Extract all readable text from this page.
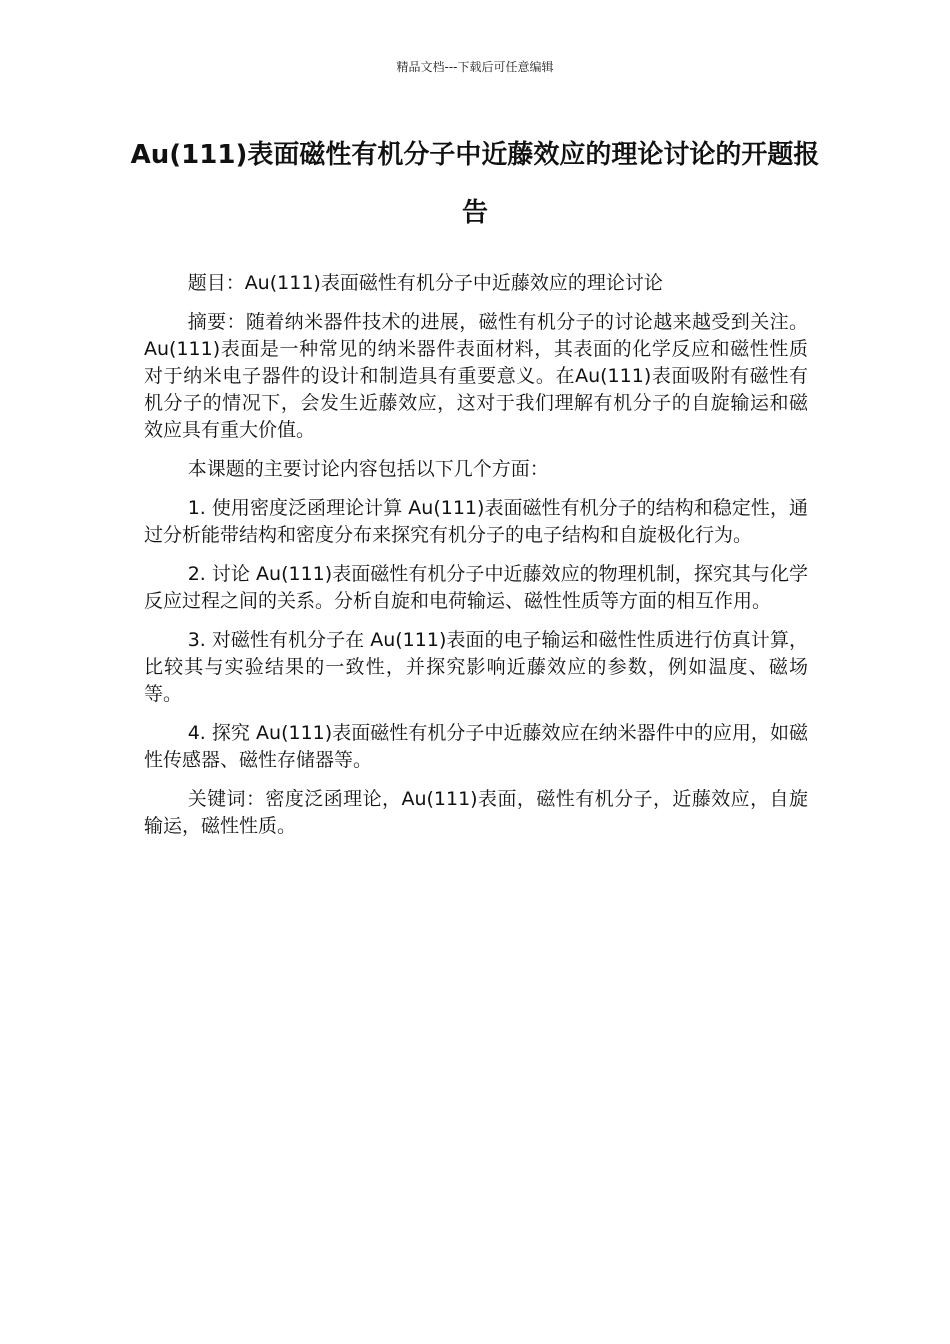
精品文档---下载后可任意编辑
Au(111)表面磁性有机分子中近藤效应的理论讨论的开题报告

题目：Au(111)表面磁性有机分子中近藤效应的理论讨论

摘要：随着纳米器件技术的进展，磁性有机分子的讨论越来越受到关注。Au(111)表面是一种常见的纳米器件表面材料，其表面的化学反应和磁性性质对于纳米电子器件的设计和制造具有重要意义。在Au(111)表面吸附有磁性有机分子的情况下，会发生近藤效应，这对于我们理解有机分子的自旋输运和磁效应具有重大价值。

本课题的主要讨论内容包括以下几个方面：

1. 使用密度泛函理论计算 Au(111)表面磁性有机分子的结构和稳定性，通过分析能带结构和密度分布来探究有机分子的电子结构和自旋极化行为。

2. 讨论 Au(111)表面磁性有机分子中近藤效应的物理机制，探究其与化学反应过程之间的关系。分析自旋和电荷输运、磁性性质等方面的相互作用。

3. 对磁性有机分子在 Au(111)表面的电子输运和磁性性质进行仿真计算，比较其与实验结果的一致性，并探究影响近藤效应的参数，例如温度、磁场等。

4. 探究 Au(111)表面磁性有机分子中近藤效应在纳米器件中的应用，如磁性传感器、磁性存储器等。

关键词：密度泛函理论，Au(111)表面，磁性有机分子，近藤效应，自旋输运，磁性性质。
